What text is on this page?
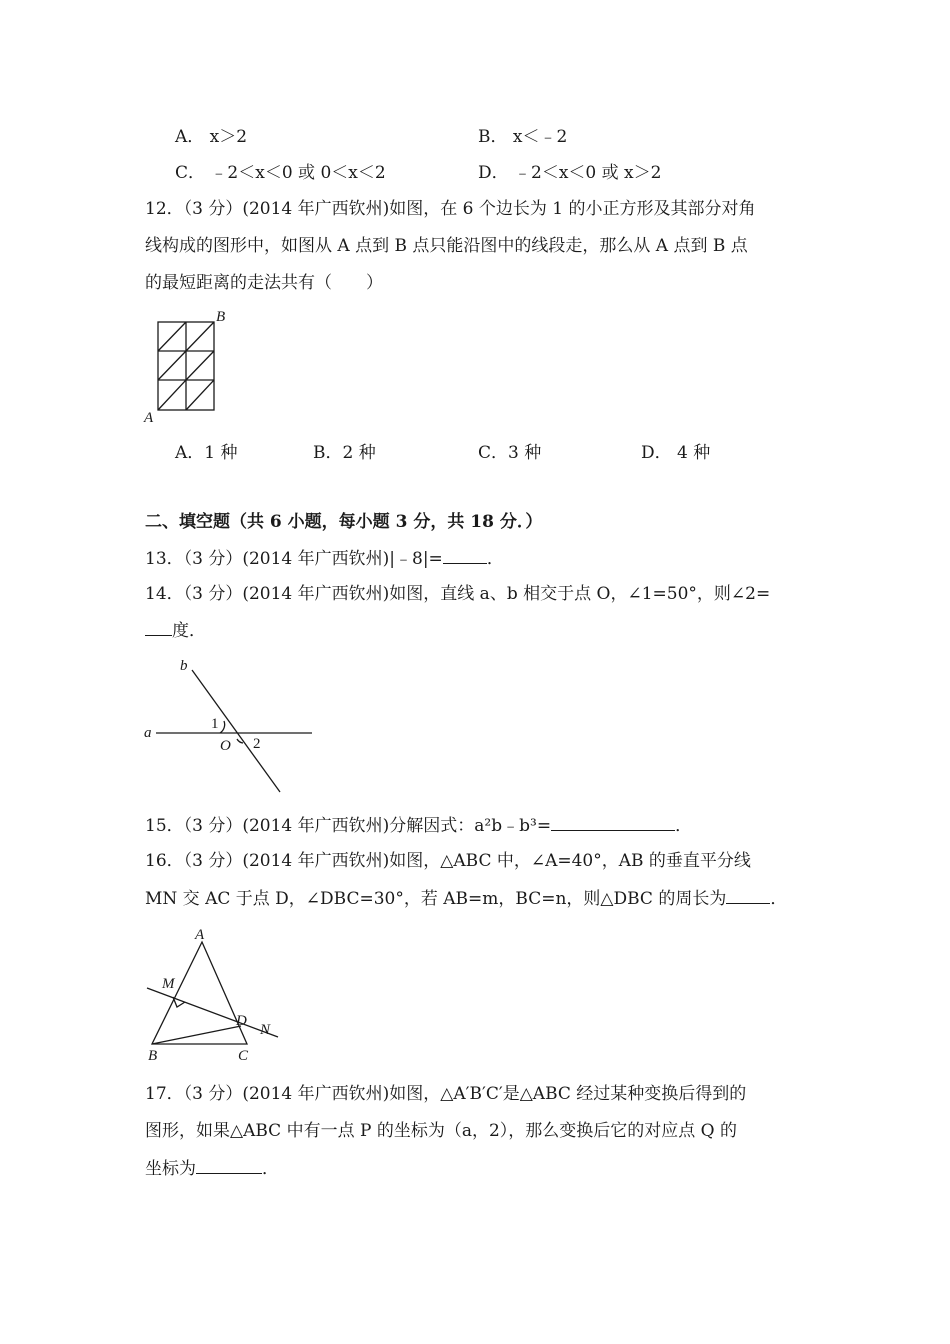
A． x＞2	B． x＜﹣2
C． ﹣2＜x＜0 或 0＜x＜2	D． ﹣2＜x＜0 或 x＞2
12．（3 分）(2014 年广西钦州)如图，在 6 个边长为 1 的小正方形及其部分对角
线构成的图形中，如图从 A 点到 B 点只能沿图中的线段走，那么从 A 点到 B 点
的最短距离的走法共有（　　）
B
A
A．1 种	B．2 种	C．3 种	D． 4 种
二、填空题（共 6 小题，每小题 3 分，共 18 分．）
13．（3 分）(2014 年广西钦州)|﹣8|=	．
14．（3 分）(2014 年广西钦州)如图，直线 a、b 相交于点 O，∠1=50°，则∠2=
度．
b
a
1
O 2
15．（3 分）(2014 年广西钦州)分解因式：a²b﹣b³=	．
16．（3 分）(2014 年广西钦州)如图，△ABC 中，∠A=40°，AB 的垂直平分线
MN 交 AC 于点 D，∠DBC=30°，若 AB=m，BC=n，则△DBC 的周长为	．
A
M
D
N
B	C
17．（3 分）(2014 年广西钦州)如图，△A′B′C′是△ABC 经过某种变换后得到的
图形，如果△ABC 中有一点 P 的坐标为（a，2），那么变换后它的对应点 Q 的
坐标为	．
